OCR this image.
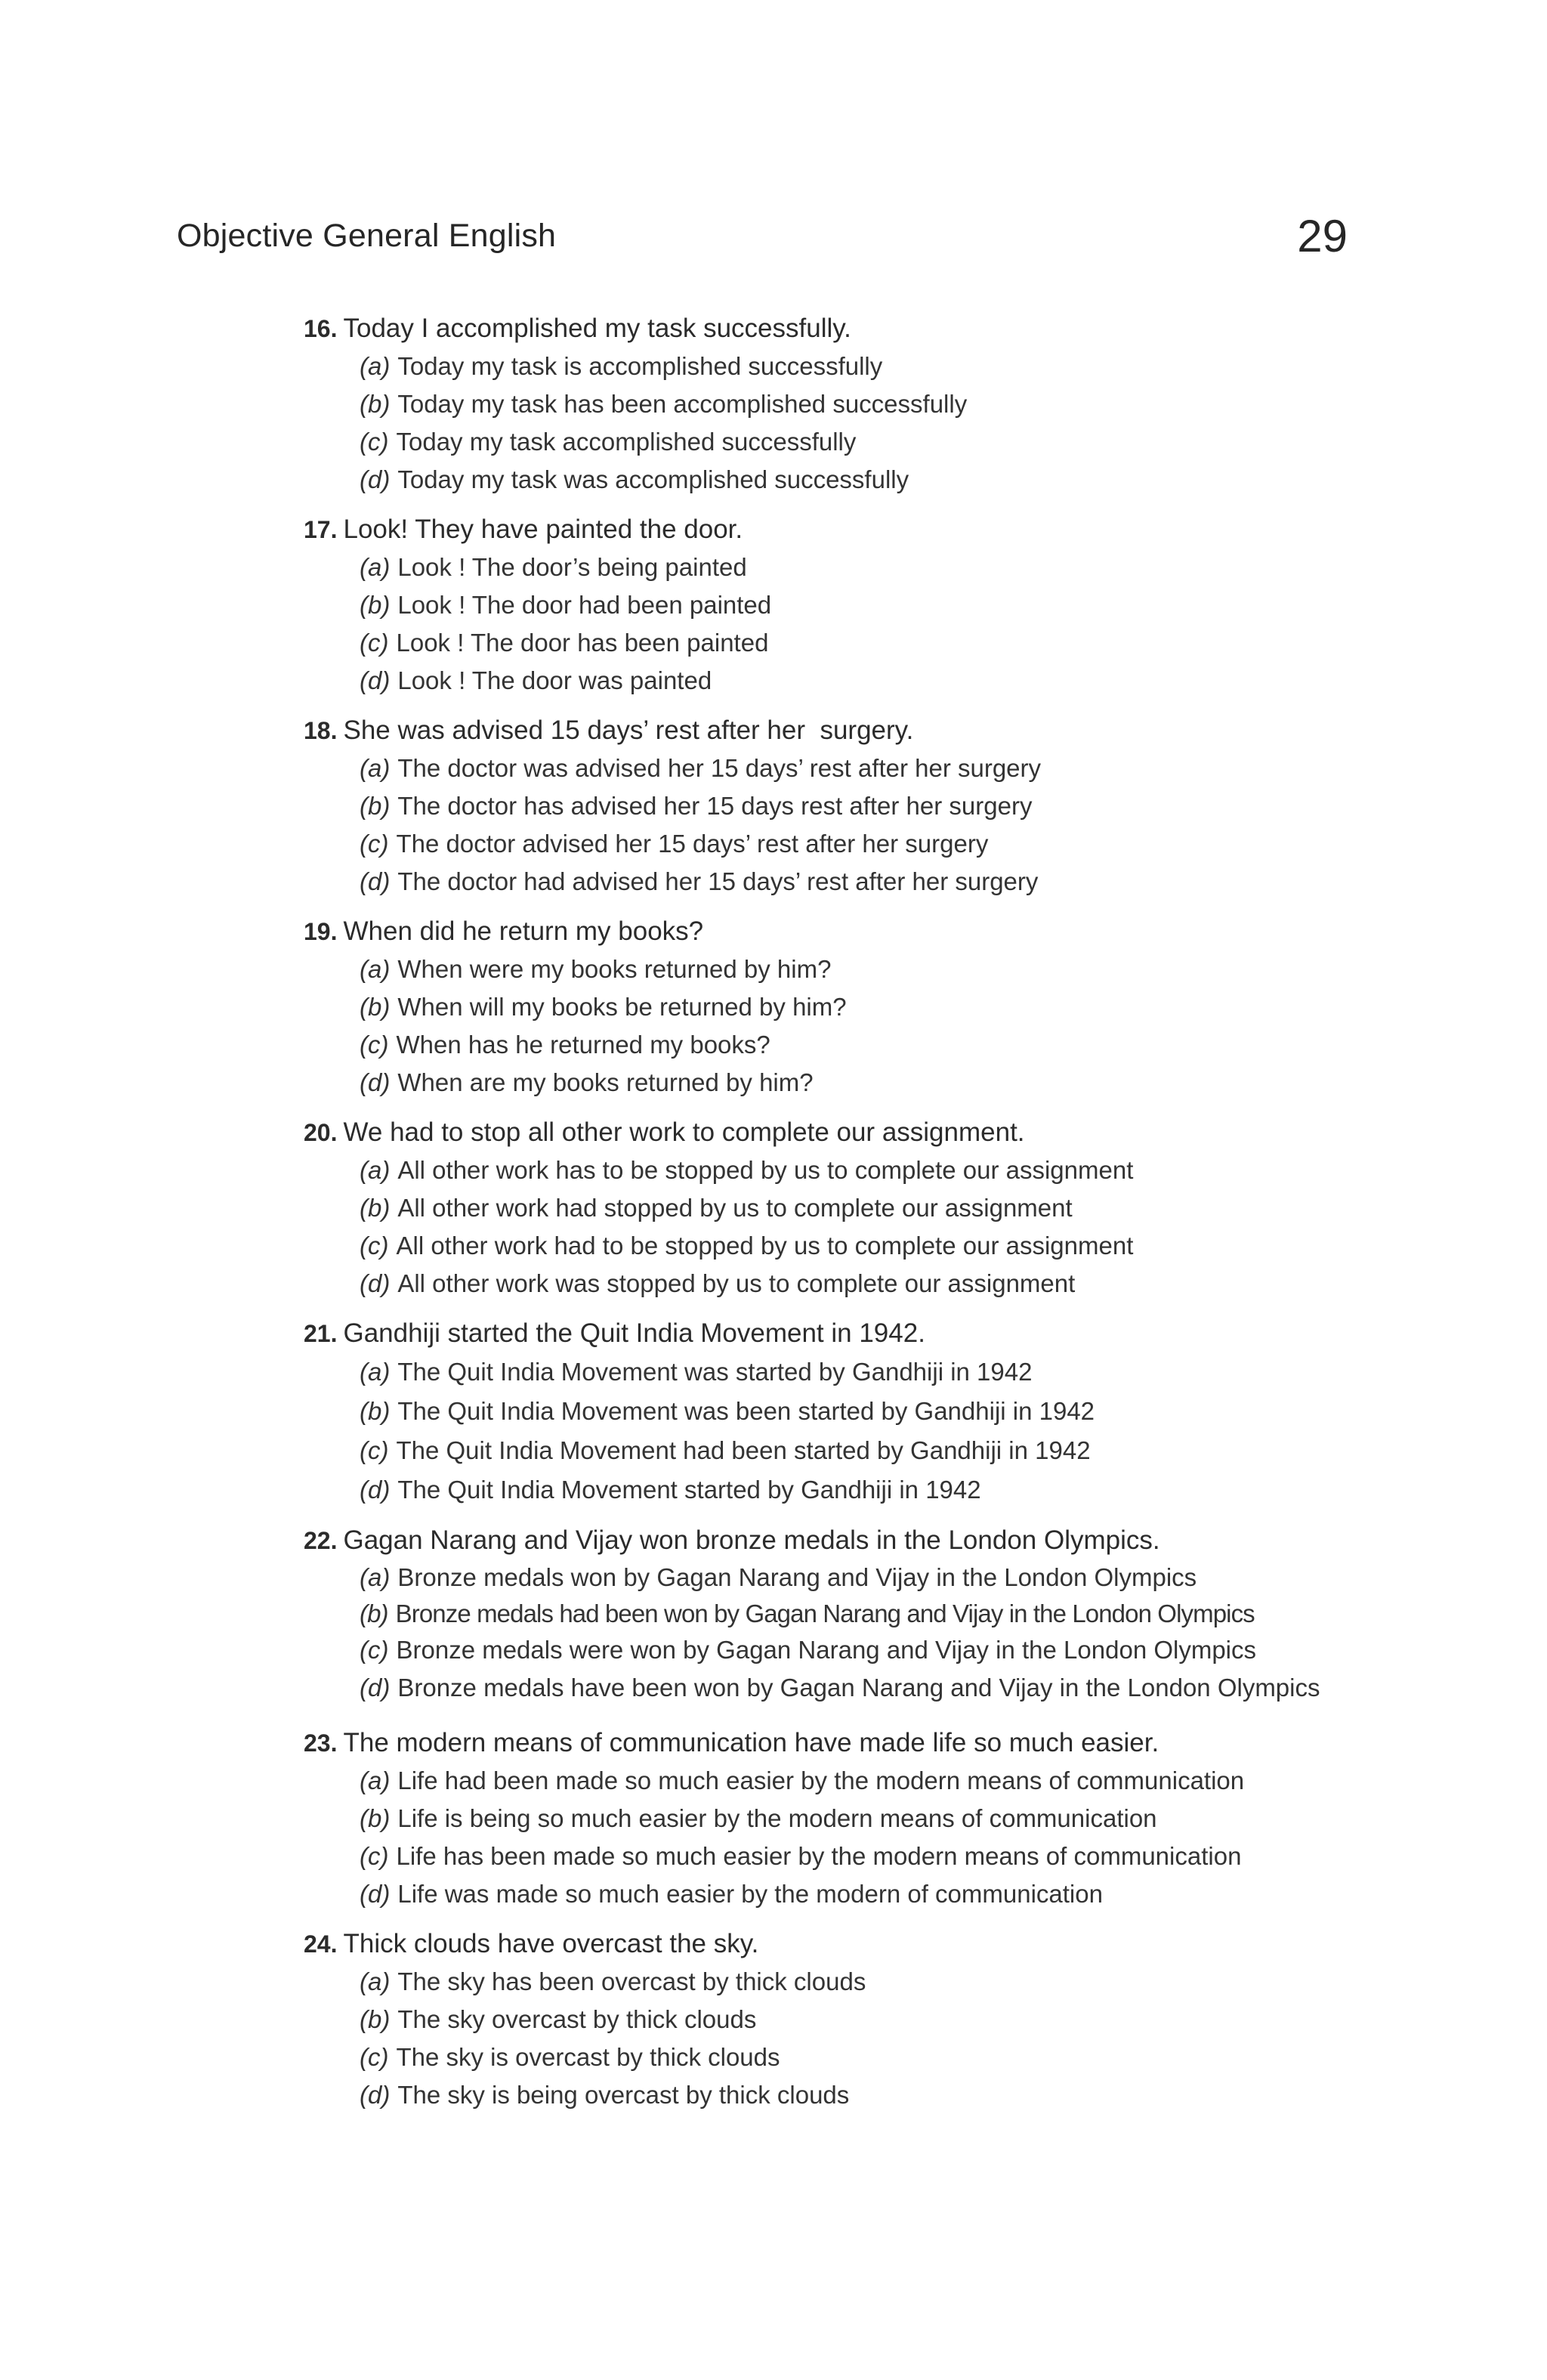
Objective General English	29
16. Today I accomplished my task successfully.
(a) Today my task is accomplished successfully
(b) Today my task has been accomplished successfully
(c) Today my task accomplished successfully
(d) Today my task was accomplished successfully
17. Look! They have painted the door.
(a) Look ! The door’s being painted
(b) Look ! The door had been painted
(c) Look ! The door has been painted
(d) Look ! The door was painted
18. She was advised 15 days’ rest after her  surgery.
(a) The doctor was advised her 15 days’ rest after her surgery
(b) The doctor has advised her 15 days rest after her surgery
(c) The doctor advised her 15 days’ rest after her surgery
(d) The doctor had advised her 15 days’ rest after her surgery
19. When did he return my books?
(a) When were my books returned by him?
(b) When will my books be returned by him?
(c) When has he returned my books?
(d) When are my books returned by him?
20. We had to stop all other work to complete our assignment.
(a) All other work has to be stopped by us to complete our assignment
(b) All other work had stopped by us to complete our assignment
(c) All other work had to be stopped by us to complete our assignment
(d) All other work was stopped by us to complete our assignment
21. Gandhiji started the Quit India Movement in 1942.
(a) The Quit India Movement was started by Gandhiji in 1942
(b) The Quit India Movement was been started by Gandhiji in 1942
(c) The Quit India Movement had been started by Gandhiji in 1942
(d) The Quit India Movement started by Gandhiji in 1942
22. Gagan Narang and Vijay won bronze medals in the London Olympics.
(a) Bronze medals won by Gagan Narang and Vijay in the London Olympics
(b) Bronze medals had been won by Gagan Narang and Vijay in the London Olympics
(c) Bronze medals were won by Gagan Narang and Vijay in the London Olympics
(d) Bronze medals have been won by Gagan Narang and Vijay in the London Olympics
23. The modern means of communication have made life so much easier.
(a) Life had been made so much easier by the modern means of communication
(b) Life is being so much easier by the modern means of communication
(c) Life has been made so much easier by the modern means of communication
(d) Life was made so much easier by the modern of communication
24. Thick clouds have overcast the sky.
(a) The sky has been overcast by thick clouds
(b) The sky overcast by thick clouds
(c) The sky is overcast by thick clouds
(d) The sky is being overcast by thick clouds
